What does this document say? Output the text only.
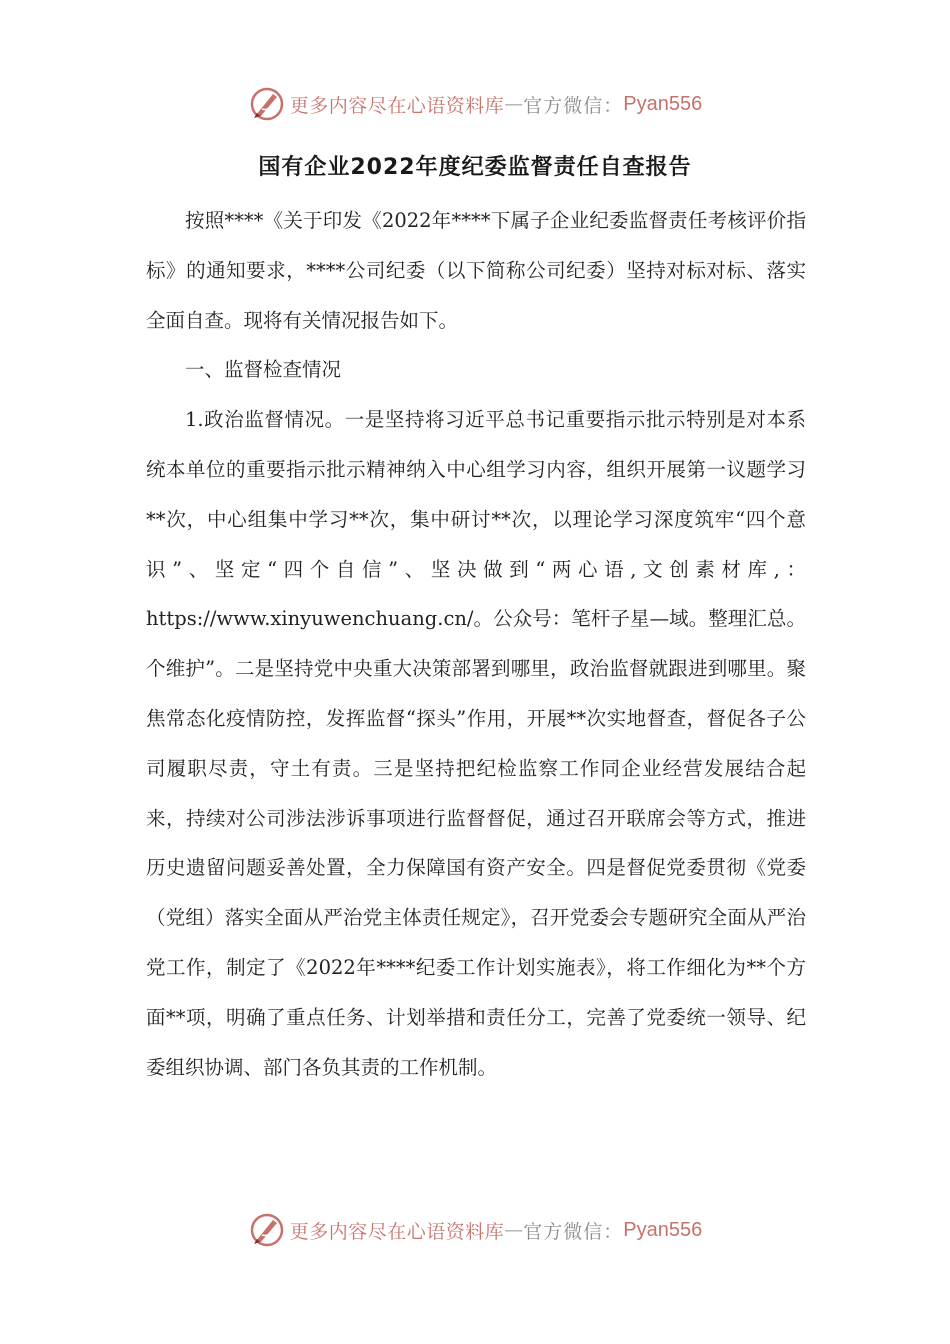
更多内容尽在心语资料库 — 官方微信： Pyan556
国有企业2022年度纪委监督责任自查报告

按照****《关于印发《2022年****下属子企业纪委监督责任考核评价指标》的通知要求，****公司纪委（以下简称公司纪委）坚持对标对标、落实全面自查。现将有关情况报告如下。

一、监督检查情况

1.政治监督情况。一是坚持将习近平总书记重要指示批示特别是对本系统本单位的重要指示批示精神纳入中心组学习内容，组织开展第一议题学习**次，中心组集中学习**次，集中研讨**次，以理论学习深度筑牢“四个意识”、坚定“四个自信”、坚决做到“两心语,文创素材库,：https://www.xinyuwenchuang.cn/。公众号：笔杆子星—域。整理汇总。个维护”。二是坚持党中央重大决策部署到哪里，政治监督就跟进到哪里。聚焦常态化疫情防控，发挥监督“探头”作用，开展**次实地督查，督促各子公司履职尽责，守土有责。三是坚持把纪检监察工作同企业经营发展结合起来，持续对公司涉法涉诉事项进行监督督促，通过召开联席会等方式，推进历史遗留问题妥善处置，全力保障国有资产安全。四是督促党委贯彻《党委（党组）落实全面从严治党主体责任规定》，召开党委会专题研究全面从严治党工作，制定了《2022年****纪委工作计划实施表》，将工作细化为**个方面**项，明确了重点任务、计划举措和责任分工，完善了党委统一领导、纪委组织协调、部门各负其责的工作机制。

更多内容尽在心语资料库 — 官方微信： Pyan556
